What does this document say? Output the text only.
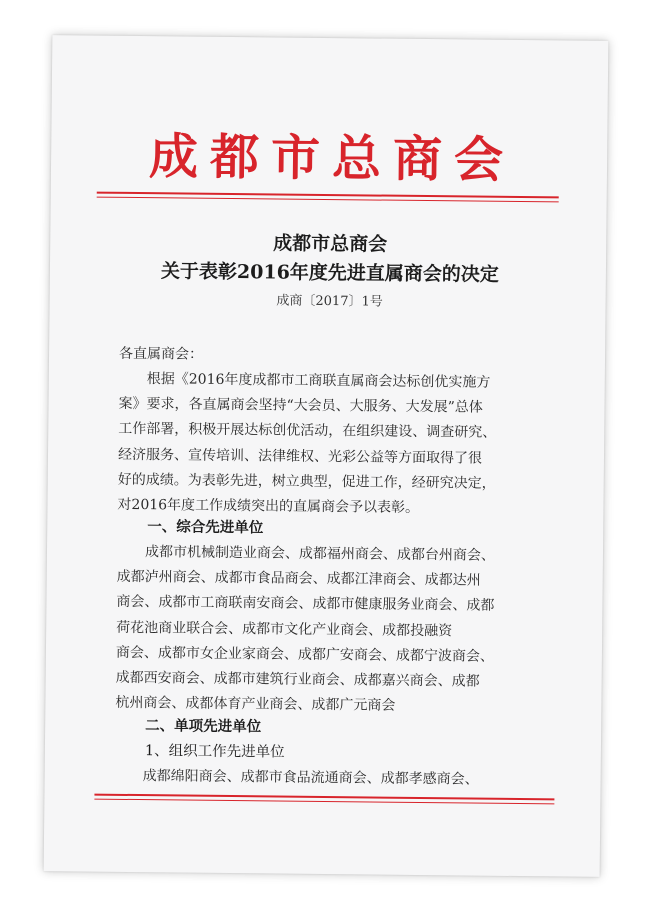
成都市总商会
成都市总商会
关于表彰2016年度先进直属商会的决定
成商〔2017〕1号
各直属商会：
根据《2016年度成都市工商联直属商会达标创优实施方
案》要求，各直属商会坚持“大会员、大服务、大发展”总体
工作部署，积极开展达标创优活动，在组织建设、调查研究、
经济服务、宣传培训、法律维权、光彩公益等方面取得了很
好的成绩。为表彰先进，树立典型，促进工作，经研究决定，
对2016年度工作成绩突出的直属商会予以表彰。
一、综合先进单位
成都市机械制造业商会、成都福州商会、成都台州商会、
成都泸州商会、成都市食品商会、成都江津商会、成都达州
商会、成都市工商联南安商会、成都市健康服务业商会、成都
荷花池商业联合会、成都市文化产业商会、成都投融资
商会、成都市女企业家商会、成都广安商会、成都宁波商会、
成都西安商会、成都市建筑行业商会、成都嘉兴商会、成都
杭州商会、成都体育产业商会、成都广元商会
二、单项先进单位
1、组织工作先进单位
成都绵阳商会、成都市食品流通商会、成都孝感商会、
